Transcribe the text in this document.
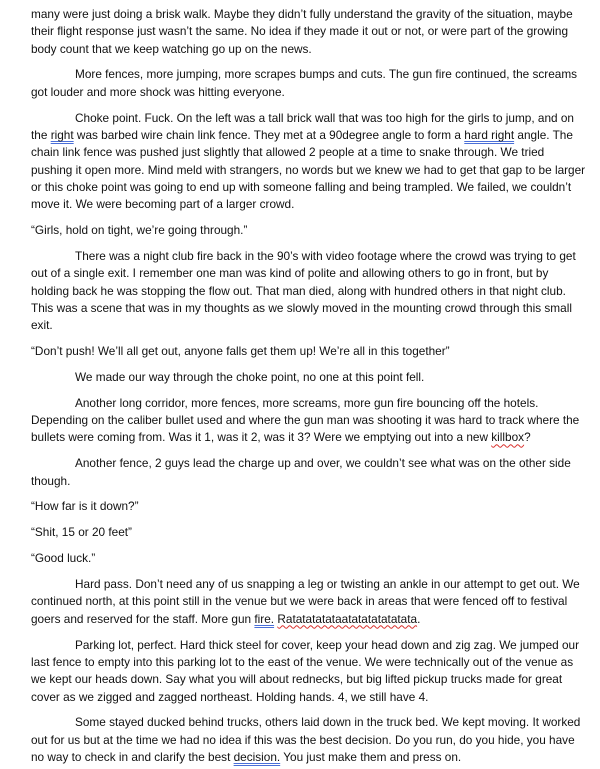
many were just doing a brisk walk. Maybe they didn’t fully understand the gravity of the situation, maybe their flight response just wasn’t the same. No idea if they made it out or not, or were part of the growing body count that we keep watching go up on the news.

More fences, more jumping, more scrapes bumps and cuts. The gun fire continued, the screams got louder and more shock was hitting everyone.

Choke point. Fuck. On the left was a tall brick wall that was too high for the girls to jump, and on the right was barbed wire chain link fence. They met at a 90degree angle to form a hard right angle. The chain link fence was pushed just slightly that allowed 2 people at a time to snake through. We tried pushing it open more. Mind meld with strangers, no words but we knew we had to get that gap to be larger or this choke point was going to end up with someone falling and being trampled. We failed, we couldn’t move it. We were becoming part of a larger crowd.

“Girls, hold on tight, we’re going through.”

There was a night club fire back in the 90’s with video footage where the crowd was trying to get out of a single exit. I remember one man was kind of polite and allowing others to go in front, but by holding back he was stopping the flow out. That man died, along with hundred others in that night club. This was a scene that was in my thoughts as we slowly moved in the mounting crowd through this small exit.

“Don’t push! We’ll all get out, anyone falls get them up! We’re all in this together”

We made our way through the choke point, no one at this point fell.

Another long corridor, more fences, more screams, more gun fire bouncing off the hotels. Depending on the caliber bullet used and where the gun man was shooting it was hard to track where the bullets were coming from. Was it 1, was it 2, was it 3? Were we emptying out into a new killbox?

Another fence, 2 guys lead the charge up and over, we couldn’t see what was on the other side though.

“How far is it down?”

“Shit, 15 or 20 feet”

“Good luck.”

Hard pass. Don’t need any of us snapping a leg or twisting an ankle in our attempt to get out. We continued north, at this point still in the venue but we were back in areas that were fenced off to festival goers and reserved for the staff. More gun fire. Ratatatatataatatatatatatata.

Parking lot, perfect. Hard thick steel for cover, keep your head down and zig zag. We jumped our last fence to empty into this parking lot to the east of the venue. We were technically out of the venue as we kept our heads down. Say what you will about rednecks, but big lifted pickup trucks made for great cover as we zigged and zagged northeast. Holding hands. 4, we still have 4.

Some stayed ducked behind trucks, others laid down in the truck bed. We kept moving. It worked out for us but at the time we had no idea if this was the best decision. Do you run, do you hide, you have no way to check in and clarify the best decision. You just make them and press on.
